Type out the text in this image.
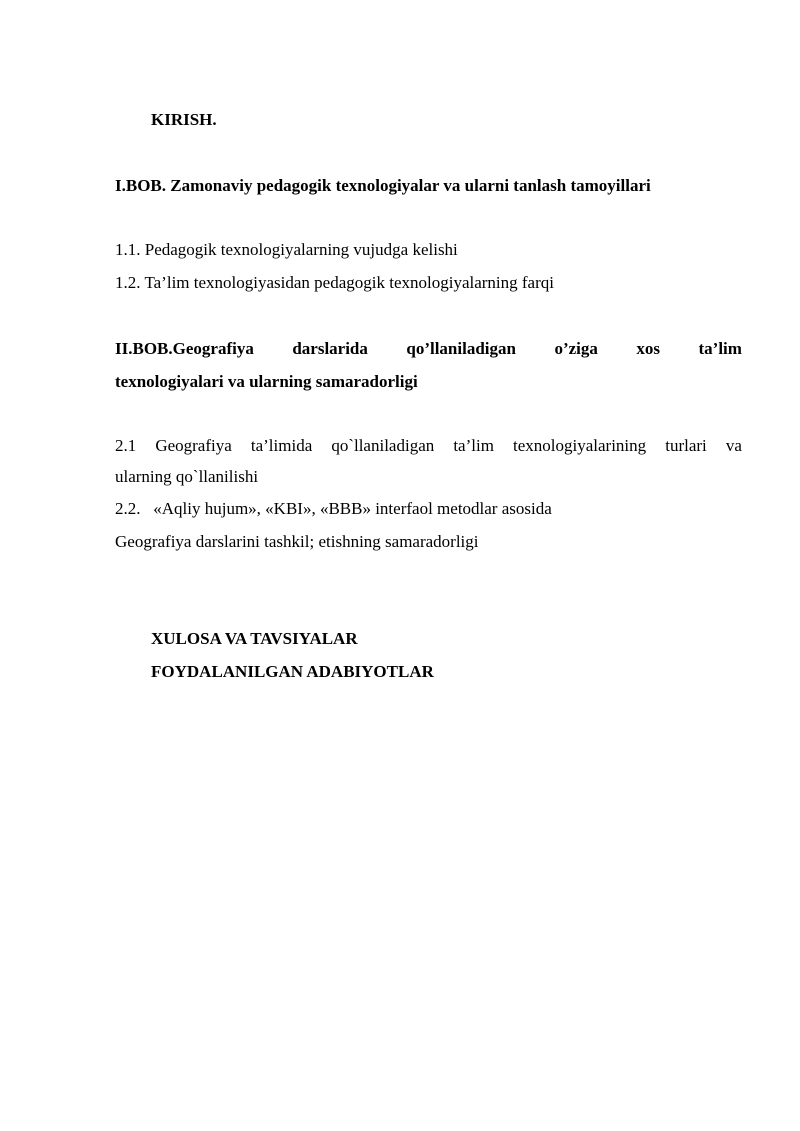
KIRISH.
I.BOB. Zamonaviy pedagogik texnologiyalar va ularni tanlash tamoyillari
1.1. Pedagogik texnologiyalarning vujudga kelishi
1.2. Ta’lim texnologiyasidan pedagogik texnologiyalarning farqi
II.BOB.Geografiya darslarida qo’llaniladigan o’ziga xos ta’lim
texnologiyalari va ularning samaradorligi
2.1 Geografiya ta’limida qo`llaniladigan ta’lim texnologiyalarining turlari va
ularning qo`llanilishi
2.2.   «Aqliy hujum», «KBI», «BBB» interfaol metodlar asosida
Geografiya darslarini tashkil; etishning samaradorligi
XULOSA VA TAVSIYALAR
FOYDALANILGAN ADABIYOTLAR
